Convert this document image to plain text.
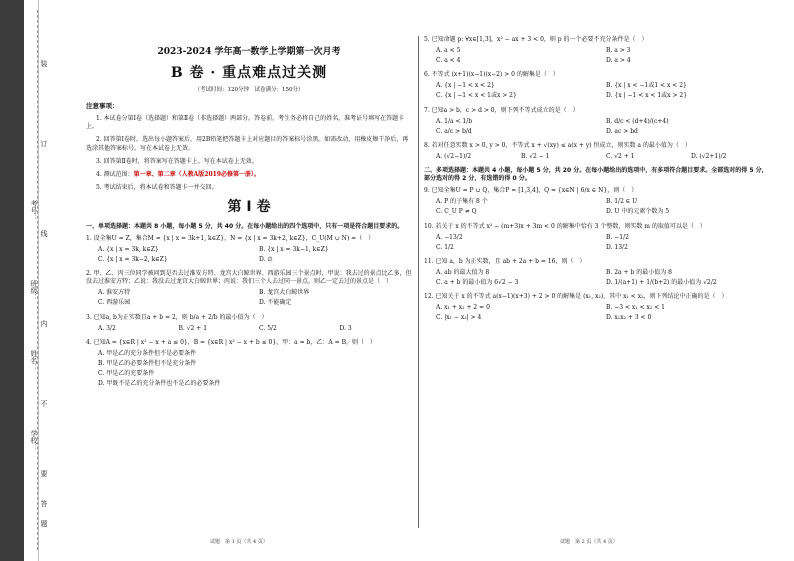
学校：
姓名：
班级：
考号：
装
订
线
内
不
要
答
题
2023-2024 学年高一数学上学期第一次月考
B 卷 · 重点难点过关测
（考试时间：120分钟　试卷满分：150分）
注意事项：

1. 本试卷分第Ⅰ卷（选择题）和第Ⅱ卷（非选择题）两部分。答卷前，考生务必将自己的姓名、准考证号填写在答题卡上。

2. 回答第Ⅰ卷时，选出每小题答案后，用2B铅笔把答题卡上对应题目的答案标号涂黑。如需改动，用橡皮擦干净后，再选涂其他答案标号。写在本试卷上无效。

3. 回答第Ⅱ卷时，将答案写在答题卡上。写在本试卷上无效。

4. 测试范围：第一章、第二章（人教A版2019必修第一册）。

5. 考试结束后，将本试卷和答题卡一并交回。

第 Ⅰ 卷
一、单项选择题：本题共 8 小题，每小题 5 分，共 40 分。在每小题给出的四个选项中，只有一项是符合题目要求的。
1. 设全集U = Z，集合M = {x | x = 3k+1, k∈Z}，N = {x | x = 3k+2, k∈Z}，C_U(M ∪ N) =（　）
A. {x | x = 3k, k∈Z}	B. {x | x = 3k−1, k∈Z}
C. {x | x = 3k−2, k∈Z}	D. ∅
2. 甲、乙、丙三位同学被问到是否去过淮安方特、龙宫大白鲸世界、西游乐园三个景点时，甲说：我去过的景点比乙多，但没去过淮安方特；乙说：我没去过龙宫大白鲸世界；丙说：我们三个人去过同一景点，则乙一定去过的景点是（　）
A. 淮安方特	B. 龙宫大白鲸世界
C. 西游乐园	D. 不能确定
3. 已知a, b为正实数且a + b = 2，则 b/a + 2/b 的最小值为（　）
A. 3/2	B. √2 + 1	C. 5/2	D. 3
4. 已知A = {x∈R | x² − x + a ≤ 0}，B = {x∈R | x² − x + b ≤ 0}，甲：a = b，乙：A = B，则（　）
A. 甲是乙的充分条件但不是必要条件
B. 甲是乙的必要条件但不是充分条件
C. 甲是乙的充要条件
D. 甲既不是乙的充分条件也不是乙的必要条件
5. 已知命题 p: ∀x∈[1,3]，x² − ax + 3 < 0，则 p 的一个必要不充分条件是（　）
A. a < 5	B. a > 3
C. a < 4	D. a > 4
6. 不等式 (x+1)(x−1)(x−2) > 0 的解集是（　）
A. {x | −1 < x < 2}	B. {x | x < −1或1 < x < 2}
C. {x | −1 < x < 1或x > 2}	D. {x | −1 < x < 1或x > 2}
7. 已知a > b，c > d > 0，则下列不等式成立的是（　）
A. 1/a < 1/b	B. d/c < (d+4)/(c+4)
C. a/c > b/d	D. ac > bd
8. 若对任意实数 x > 0, y > 0，不等式 x + √(xy) ≤ a(x + y) 恒成立，则实数 a 的最小值为（　）
A. (√2−1)/2	B. √2 − 1	C. √2 + 1	D. (√2+1)/2
二、多项选择题：本题共 4 小题，每小题 5 分，共 20 分。在每小题给出的选项中，有多项符合题目要求。全部选对的得 5 分，部分选对的得 2 分，有选错的得 0 分。
9. 已知全集U = P ∪ Q，集合P = [1,3,4]，Q = {x∈N | 6/x ∈ N}，则（　）
A. P 的子集有 8 个	B. 1/2 ∈ U
C. C_U P ≠ Q	D. U 中的元素个数为 5
10. 若关于 x 的不等式 x² − (m+3)x + 3m < 0 的解集中恰有 3 个整数，则实数 m 的取值可以是（　）
A. −13/2	B. −1/2
C. 1/2	D. 13/2
11. 已知 a，b 为正实数，且 ab + 2a + b = 16，则（　）
A. ab 的最大值为 8	B. 2a + b 的最小值为 8
C. a + b 的最小值为 6√2 − 3	D. 1/(a+1) + 1/(b+2) 的最小值为 √2/2
12. 已知关于 x 的不等式 a(x−1)(x+3) + 2 > 0 的解集是 (x₁, x₂)，其中 x₁ < x₂，则下列结论中正确的是（　）
A. x₁ + x₂ + 2 = 0	B. −3 < x₁ < x₂ < 1
C. |x₁ − x₂| > 4	D. x₁x₂ + 3 < 0
试题　第 1 页（共 4 页）	试题　第 2 页（共 4 页）
